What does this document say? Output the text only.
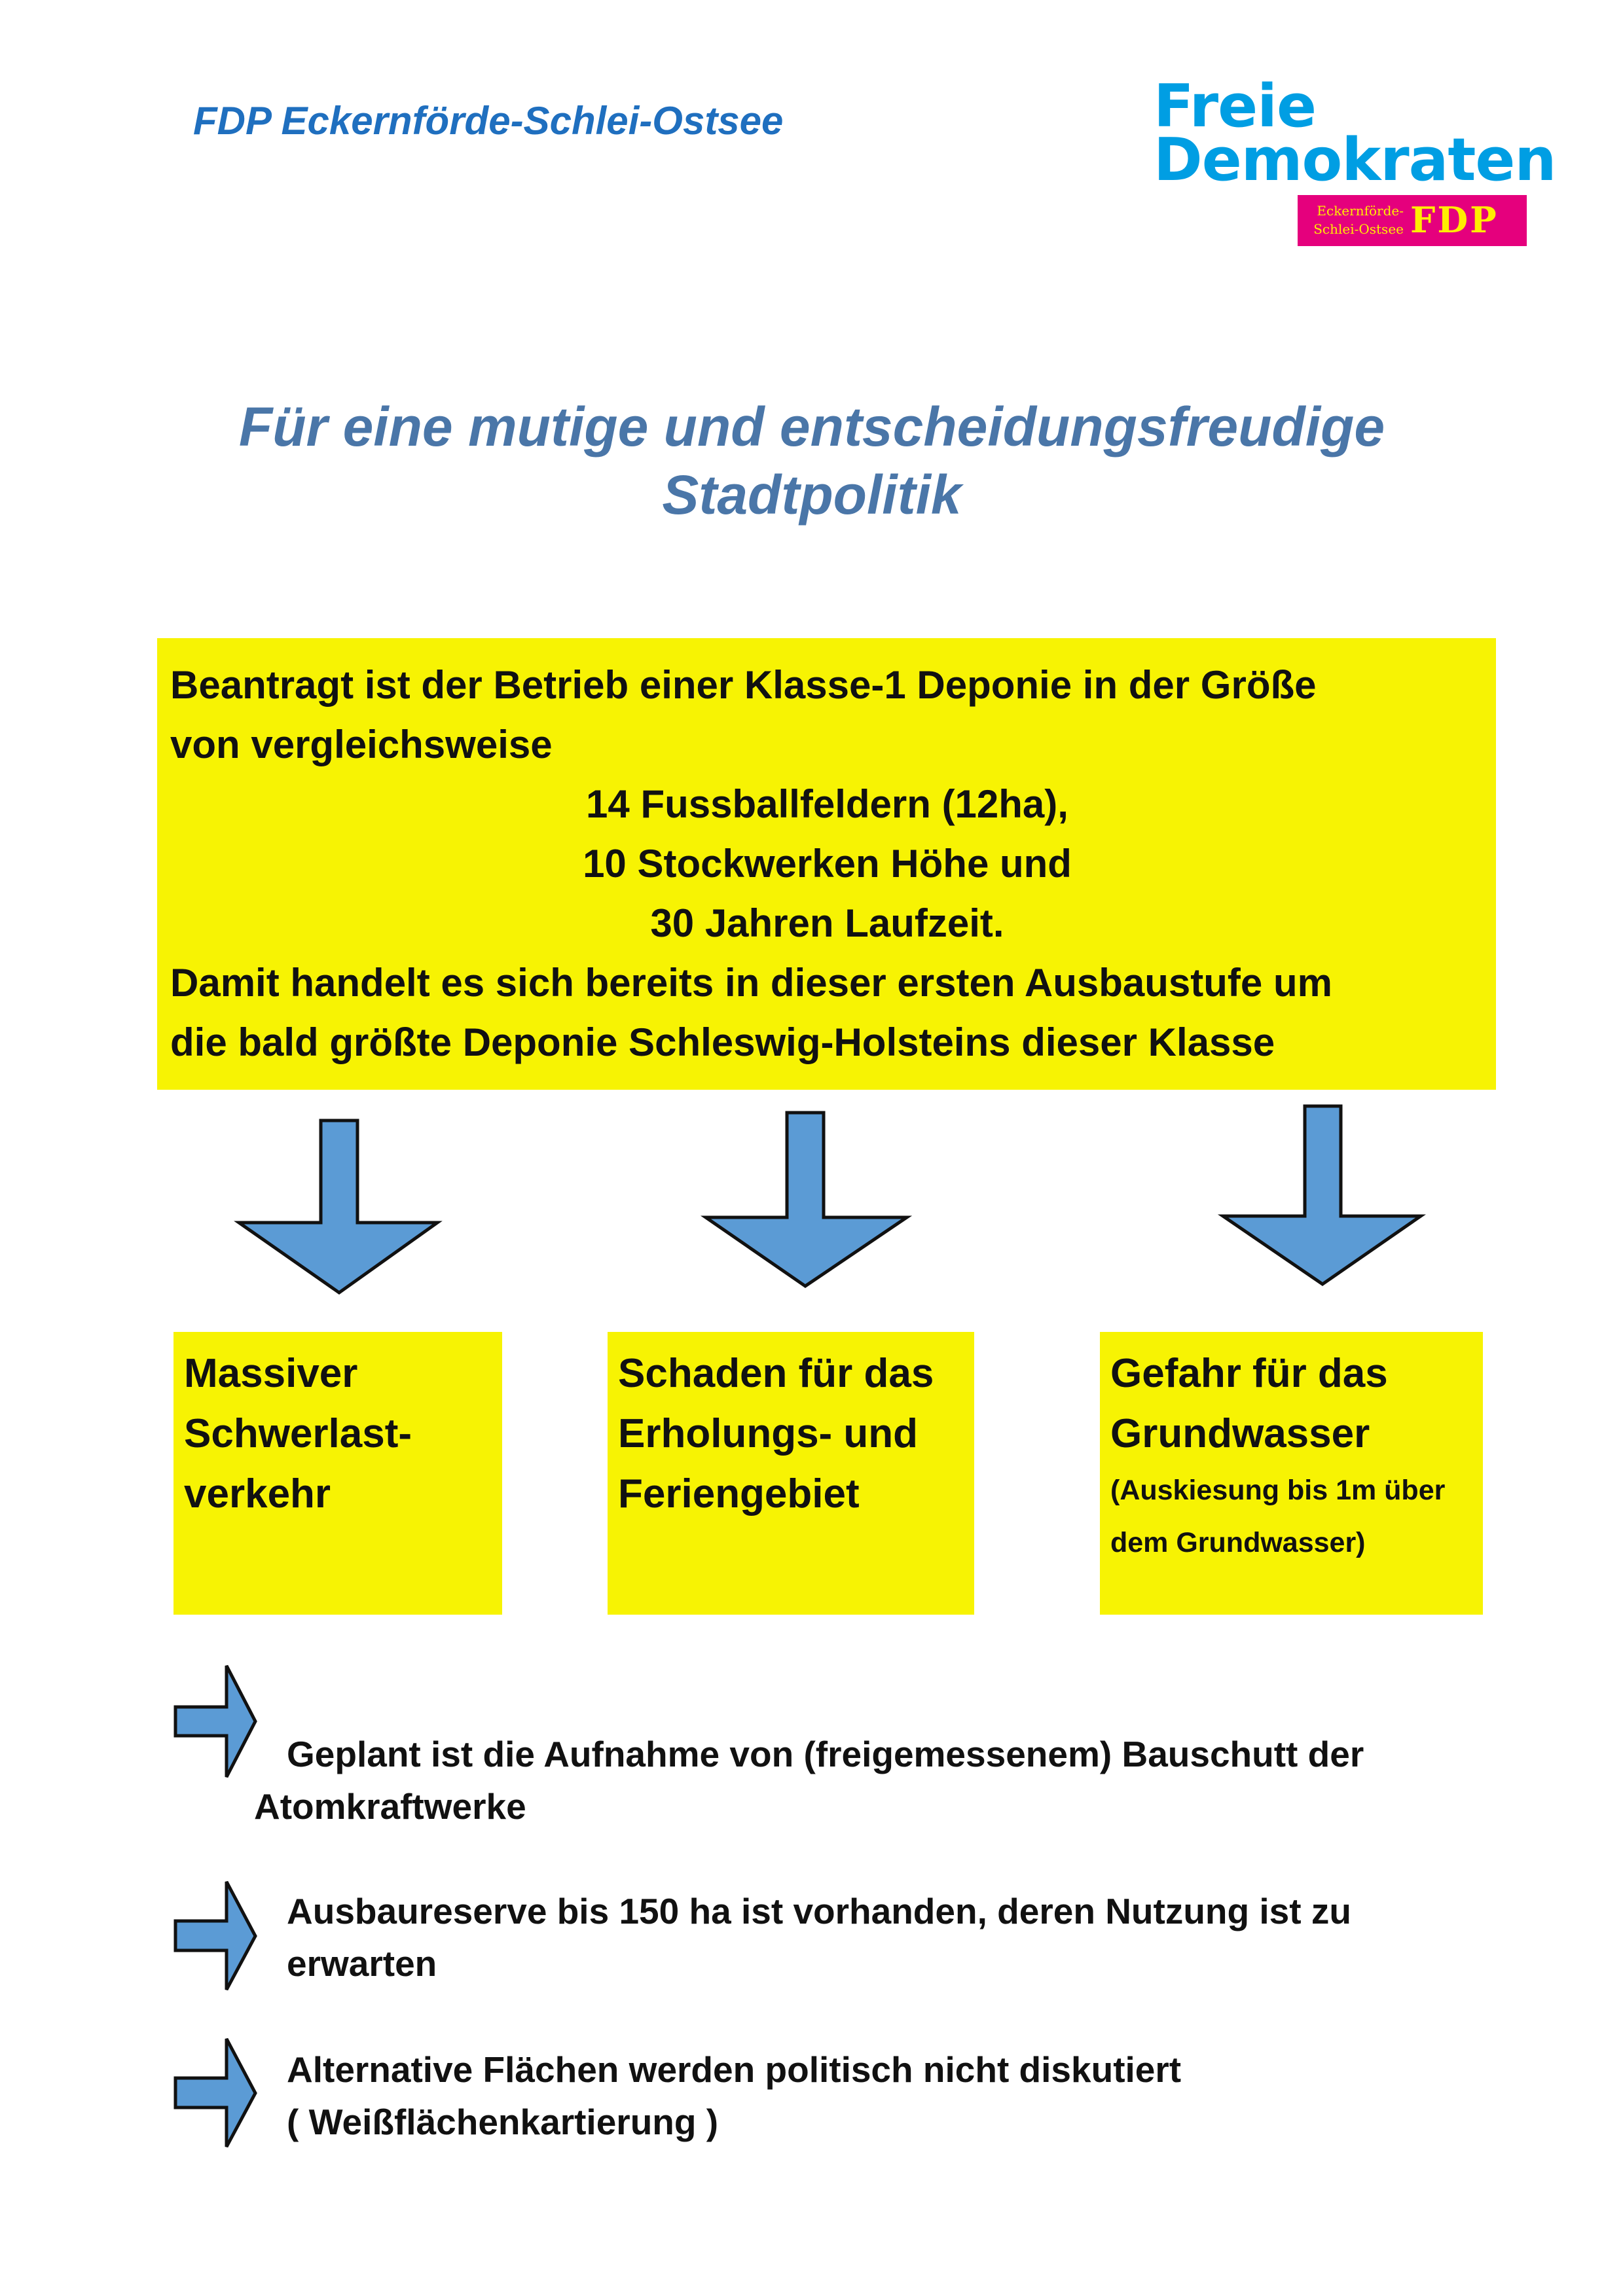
FDP Eckernförde-Schlei-Ostsee	Freie
Demokraten
Eckernförde-
Schlei-Ostsee FDP
Für eine mutige und entscheidungsfreudige
Stadtpolitik

Beantragt ist der Betrieb einer Klasse-1 Deponie in der Größe

von vergleichsweise

14 Fussballfeldern (12ha),

10 Stockwerken Höhe und

30 Jahren Laufzeit.

Damit handelt es sich bereits in dieser ersten Ausbaustufe um

die bald größte Deponie Schleswig-Holsteins dieser Klasse

Massiver

Schwerlast-

verkehr

Schaden für das

Erholungs- und

Feriengebiet

Gefahr für das

Grundwasser

(Auskiesung bis 1m über

dem Grundwasser)

Geplant ist die Aufnahme von (freigemessenem) Bauschutt der

Atomkraftwerke

Ausbaureserve bis 150 ha ist vorhanden, deren Nutzung ist zu

erwarten

Alternative Flächen werden politisch nicht diskutiert

( Weißflächenkartierung )
